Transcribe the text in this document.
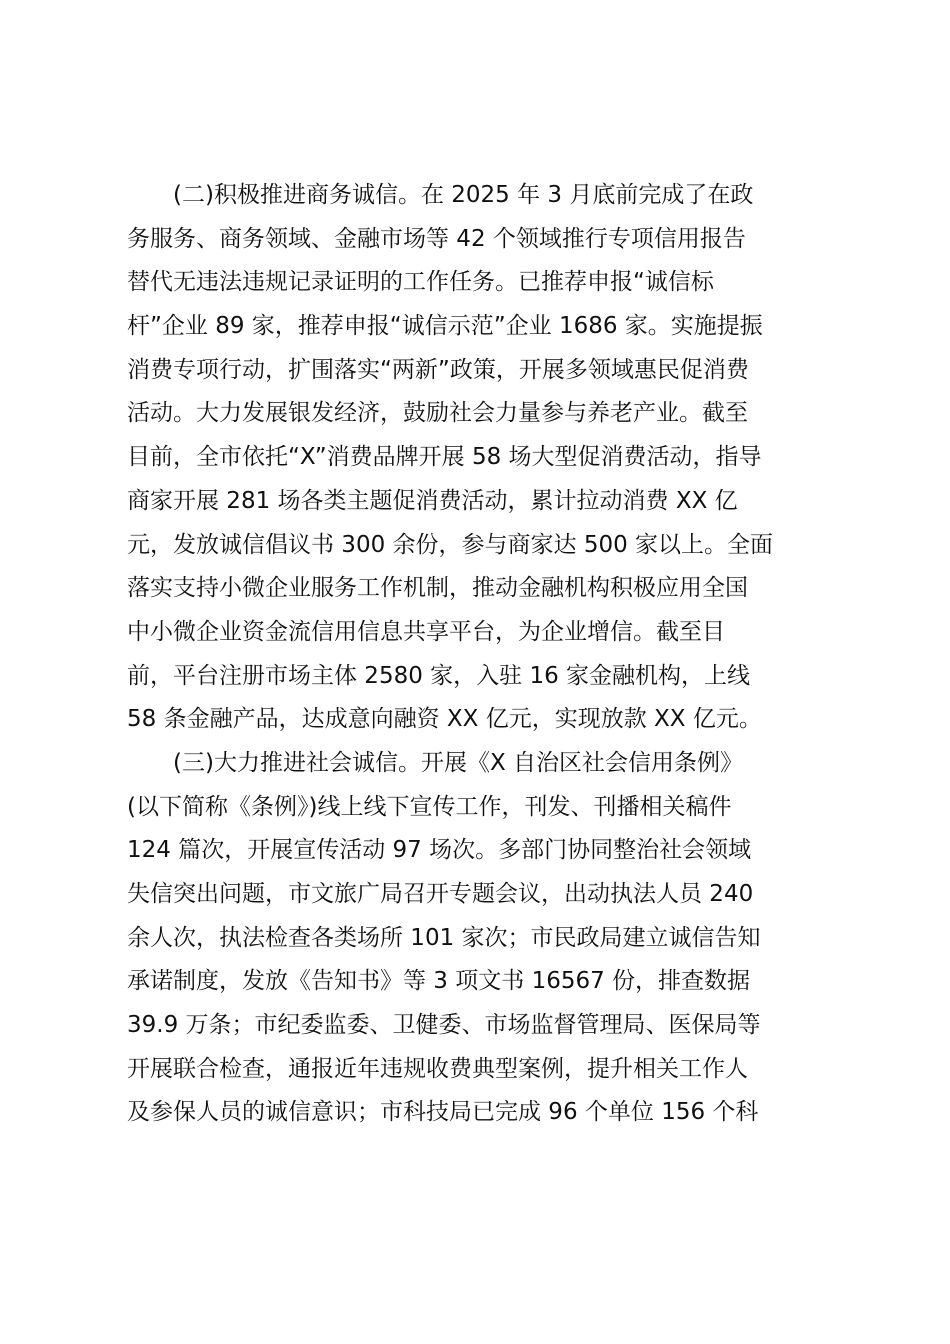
(二)积极推进商务诚信。在 2025 年 3 月底前完成了在政
务服务、商务领域、金融市场等 42 个领域推行专项信用报告
替代无违法违规记录证明的工作任务。已推荐申报“诚信标
杆”企业 89 家，推荐申报“诚信示范”企业 1686 家。实施提振
消费专项行动，扩围落实“两新”政策，开展多领域惠民促消费
活动。大力发展银发经济，鼓励社会力量参与养老产业。截至
目前，全市依托“X”消费品牌开展 58 场大型促消费活动，指导
商家开展 281 场各类主题促消费活动，累计拉动消费 XX 亿
元，发放诚信倡议书 300 余份，参与商家达 500 家以上。全面
落实支持小微企业服务工作机制，推动金融机构积极应用全国
中小微企业资金流信用信息共享平台，为企业增信。截至目
前，平台注册市场主体 2580 家，入驻 16 家金融机构，上线
58 条金融产品，达成意向融资 XX 亿元，实现放款 XX 亿元。
(三)大力推进社会诚信。开展《X 自治区社会信用条例》
(以下简称《条例》)线上线下宣传工作，刊发、刊播相关稿件
124 篇次，开展宣传活动 97 场次。多部门协同整治社会领域
失信突出问题，市文旅广局召开专题会议，出动执法人员 240
余人次，执法检查各类场所 101 家次；市民政局建立诚信告知
承诺制度，发放《告知书》等 3 项文书 16567 份，排查数据
39.9 万条；市纪委监委、卫健委、市场监督管理局、医保局等
开展联合检查，通报近年违规收费典型案例，提升相关工作人
及参保人员的诚信意识；市科技局已完成 96 个单位 156 个科
